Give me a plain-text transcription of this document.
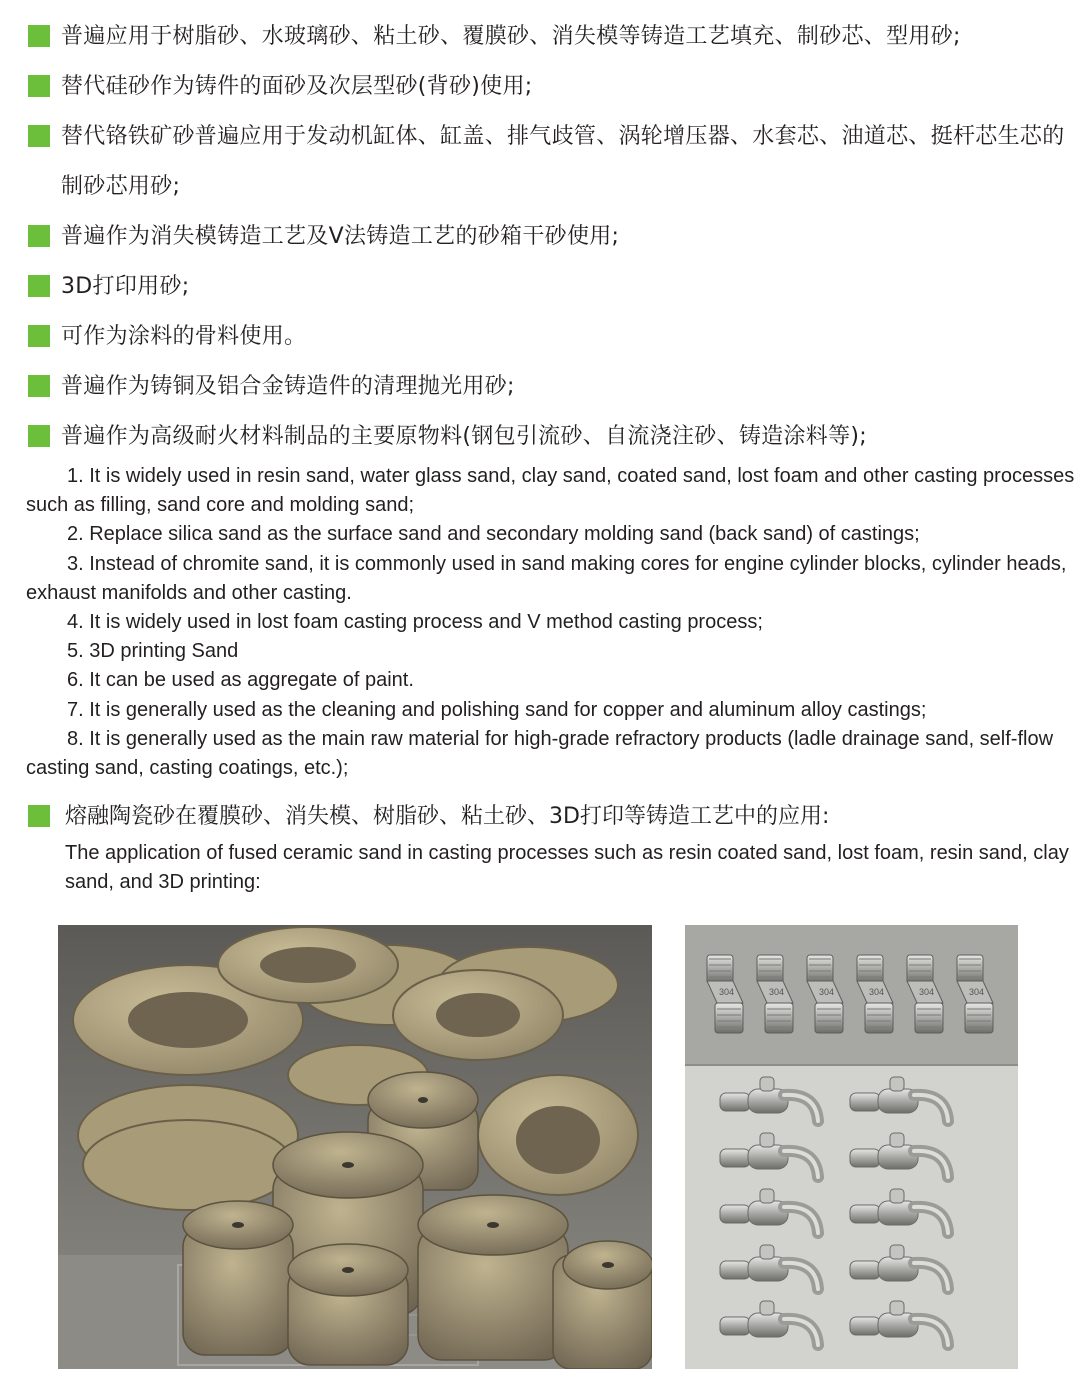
普遍应用于树脂砂、水玻璃砂、粘土砂、覆膜砂、消失模等铸造工艺填充、制砂芯、型用砂;
替代硅砂作为铸件的面砂及次层型砂(背砂)使用;
替代铬铁矿砂普遍应用于发动机缸体、缸盖、排气歧管、涡轮增压器、水套芯、油道芯、挺杆芯生芯的制砂芯用砂;
普遍作为消失模铸造工艺及V法铸造工艺的砂箱干砂使用;
3D打印用砂;
可作为涂料的骨料使用。
普遍作为铸铜及铝合金铸造件的清理抛光用砂;
普遍作为高级耐火材料制品的主要原物料(钢包引流砂、自流浇注砂、铸造涂料等);

1. It is widely used in resin sand, water glass sand, clay sand, coated sand, lost foam and other casting processes such as filling, sand core and molding sand;

2. Replace silica sand as the surface sand and secondary molding sand (back sand) of castings;

3. Instead of chromite sand, it is commonly used in sand making cores for engine cylinder blocks, cylinder heads, exhaust manifolds and other casting.

4. It is widely used in lost foam casting process and V method casting process;

5. 3D printing Sand

6. It can be used as aggregate of paint.

7. It is generally used as the cleaning and polishing sand for copper and aluminum alloy castings;

8. It is generally used as the main raw material for high-grade refractory products (ladle drainage sand, self-flow casting sand, casting coatings, etc.);

熔融陶瓷砂在覆膜砂、消失模、树脂砂、粘土砂、3D打印等铸造工艺中的应用:

The application of fused ceramic sand in casting processes such as resin coated sand, lost foam, resin sand, clay sand, and 3D printing:

304	304	304	304	304	304
